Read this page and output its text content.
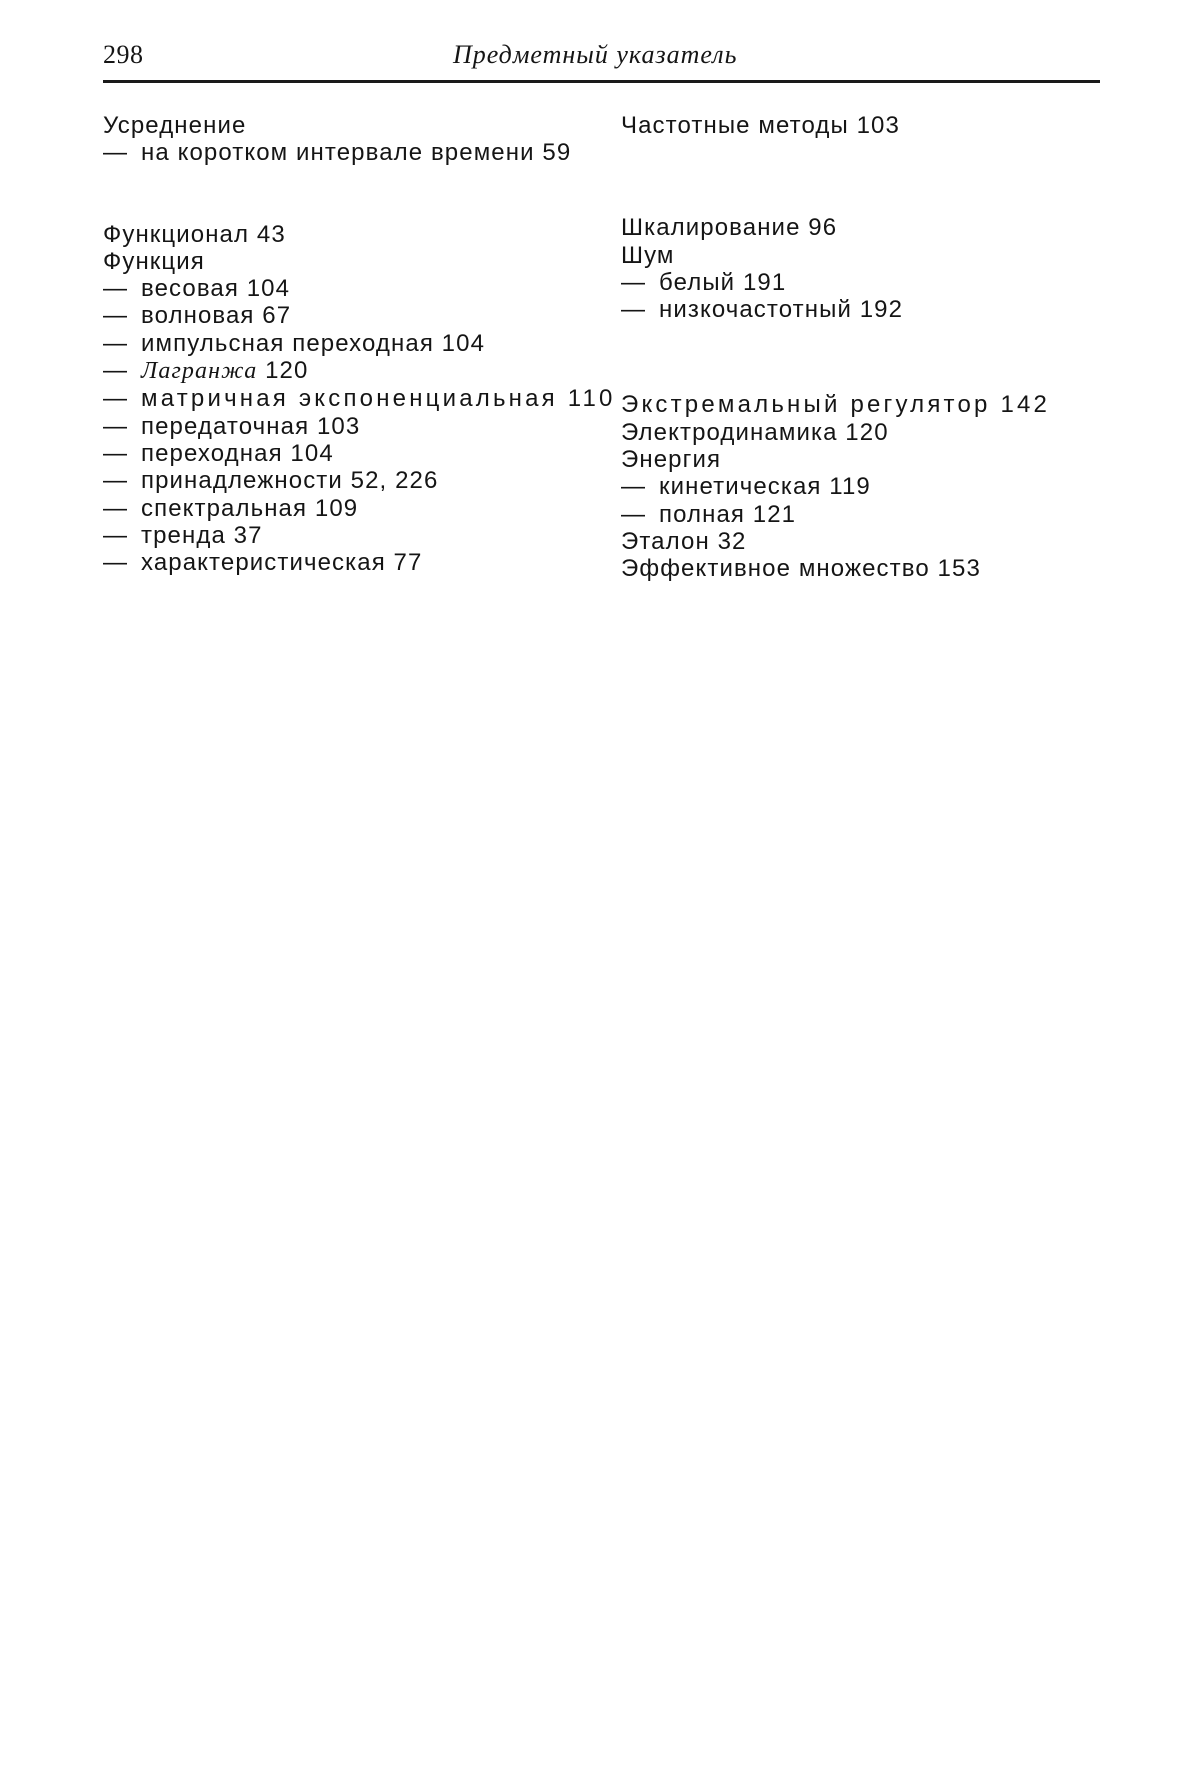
298	Предметный указатель
Усреднение
— на коротком интервале времени 59
Функционал 43
Функция
— весовая 104
— волновая 67
— импульсная переходная 104
— Лагранжа 120
— матричная экспоненциальная 110
— передаточная 103
— переходная 104
— принадлежности 52, 226
— спектральная 109
— тренда 37
— характеристическая 77
Частотные методы 103
Шкалирование 96
Шум
— белый 191
— низкочастотный 192
Экстремальный регулятор 142
Электродинамика 120
Энергия
— кинетическая 119
— полная 121
Эталон 32
Эффективное множество 153
